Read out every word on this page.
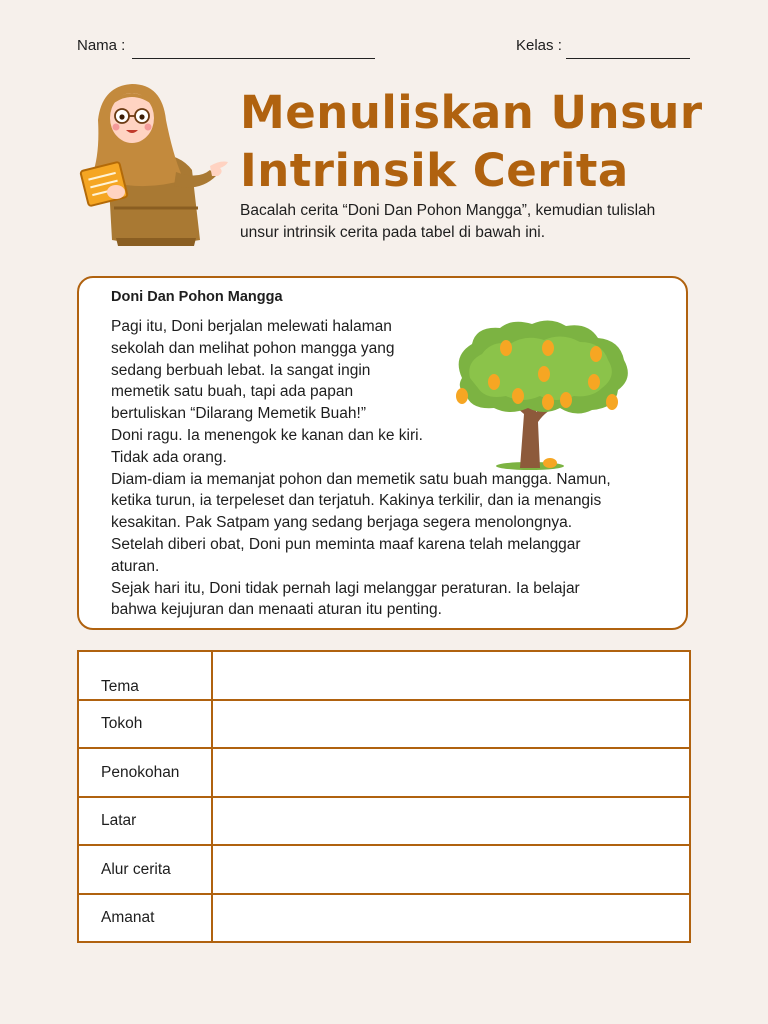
Nama :	Kelas :
Menuliskan Unsur
Intrinsik Cerita
Bacalah cerita “Doni Dan Pohon Mangga”, kemudian tulislah
unsur intrinsik cerita pada tabel di bawah ini.
Doni Dan Pohon Mangga
Pagi itu, Doni berjalan melewati halaman
sekolah dan melihat pohon mangga yang
sedang berbuah lebat. Ia sangat ingin
memetik satu buah, tapi ada papan
bertuliskan “Dilarang Memetik Buah!”
Doni ragu. Ia menengok ke kanan dan ke kiri.
Tidak ada orang.
Diam-diam ia memanjat pohon dan memetik satu buah mangga. Namun,
ketika turun, ia terpeleset dan terjatuh. Kakinya terkilir, dan ia menangis
kesakitan. Pak Satpam yang sedang berjaga segera menolongnya.
Setelah diberi obat, Doni pun meminta maaf karena telah melanggar
aturan.
Sejak hari itu, Doni tidak pernah lagi melanggar peraturan. Ia belajar
bahwa kejujuran dan menaati aturan itu penting.
Tema	
Tokoh	
Penokohan	
Latar	
Alur cerita	
Amanat	
